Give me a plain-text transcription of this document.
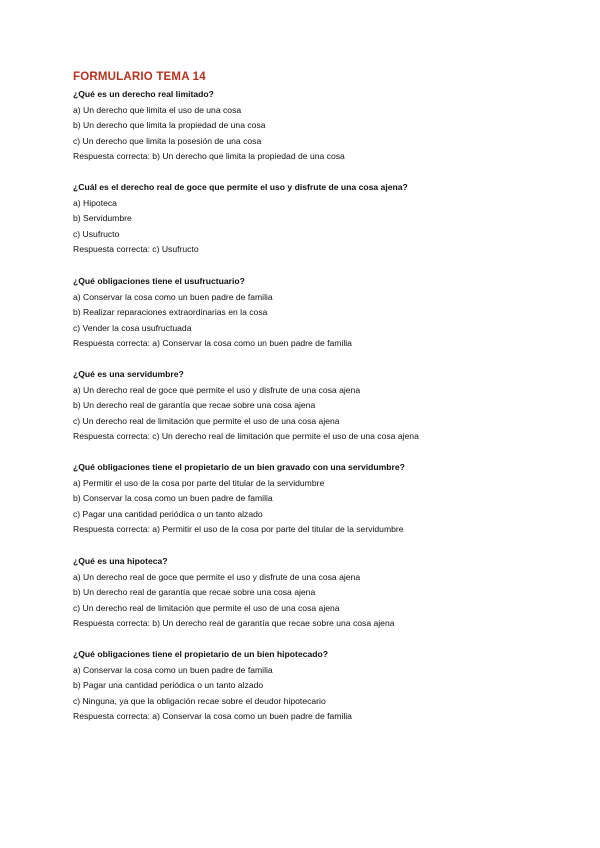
FORMULARIO TEMA 14
¿Qué es un derecho real limitado?
a) Un derecho que limita el uso de una cosa
b) Un derecho que limita la propiedad de una cosa
c) Un derecho que limita la posesión de una cosa
Respuesta correcta: b) Un derecho que limita la propiedad de una cosa
¿Cuál es el derecho real de goce que permite el uso y disfrute de una cosa ajena?
a) Hipoteca
b) Servidumbre
c) Usufructo
Respuesta correcta: c) Usufructo
¿Qué obligaciones tiene el usufructuario?
a) Conservar la cosa como un buen padre de familia
b) Realizar reparaciones extraordinarias en la cosa
c) Vender la cosa usufructuada
Respuesta correcta: a) Conservar la cosa como un buen padre de familia
¿Qué es una servidumbre?
a) Un derecho real de goce que permite el uso y disfrute de una cosa ajena
b) Un derecho real de garantía que recae sobre una cosa ajena
c) Un derecho real de limitación que permite el uso de una cosa ajena
Respuesta correcta: c) Un derecho real de limitación que permite el uso de una cosa ajena
¿Qué obligaciones tiene el propietario de un bien gravado con una servidumbre?
a) Permitir el uso de la cosa por parte del titular de la servidumbre
b) Conservar la cosa como un buen padre de familia
c) Pagar una cantidad periódica o un tanto alzado
Respuesta correcta: a) Permitir el uso de la cosa por parte del titular de la servidumbre
¿Qué es una hipoteca?
a) Un derecho real de goce que permite el uso y disfrute de una cosa ajena
b) Un derecho real de garantía que recae sobre una cosa ajena
c) Un derecho real de limitación que permite el uso de una cosa ajena
Respuesta correcta: b) Un derecho real de garantía que recae sobre una cosa ajena
¿Qué obligaciones tiene el propietario de un bien hipotecado?
a) Conservar la cosa como un buen padre de familia
b) Pagar una cantidad periódica o un tanto alzado
c) Ninguna, ya que la obligación recae sobre el deudor hipotecario
Respuesta correcta: a) Conservar la cosa como un buen padre de familia
